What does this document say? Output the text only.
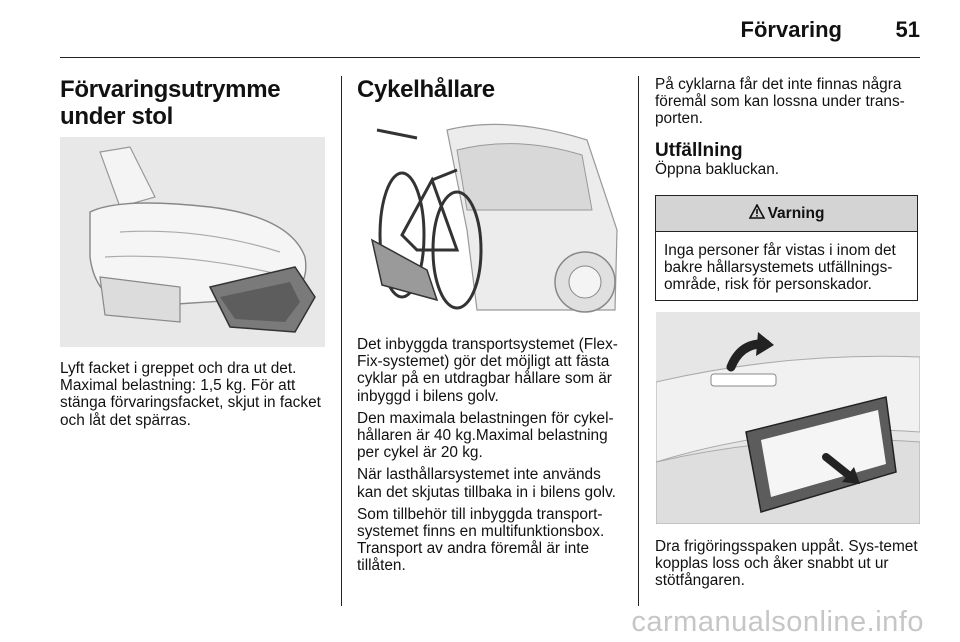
Förvaring 51
Förvaringsutrymme under stol

Lyft facket i greppet och dra ut det. Maximal belastning: 1,5 kg. För att stänga förvaringsfacket, skjut in facket och låt det spärras.

Cykelhållare

Det inbyggda transportsystemet (Flex-Fix-systemet) gör det möjligt att fästa cyklar på en utdragbar hållare som är inbyggd i bilens golv.

Den maximala belastningen för cykel-hållaren är 40 kg.Maximal belastning per cykel är 20 kg.

När lasthållarsystemet inte används kan det skjutas tillbaka in i bilens golv.

Som tillbehör till inbyggda transport-systemet finns en multifunktionsbox. Transport av andra föremål är inte tillåten.

På cyklarna får det inte finnas några föremål som kan lossna under trans-porten.

Utfällning

Öppna bakluckan.

Varning
Inga personer får vistas i inom det bakre hållarsystemets utfällnings-område, risk för personskador.

Dra frigöringsspaken uppåt. Sys-temet kopplas loss och åker snabbt ut ur stötfångaren.

carmanualsonline.info
